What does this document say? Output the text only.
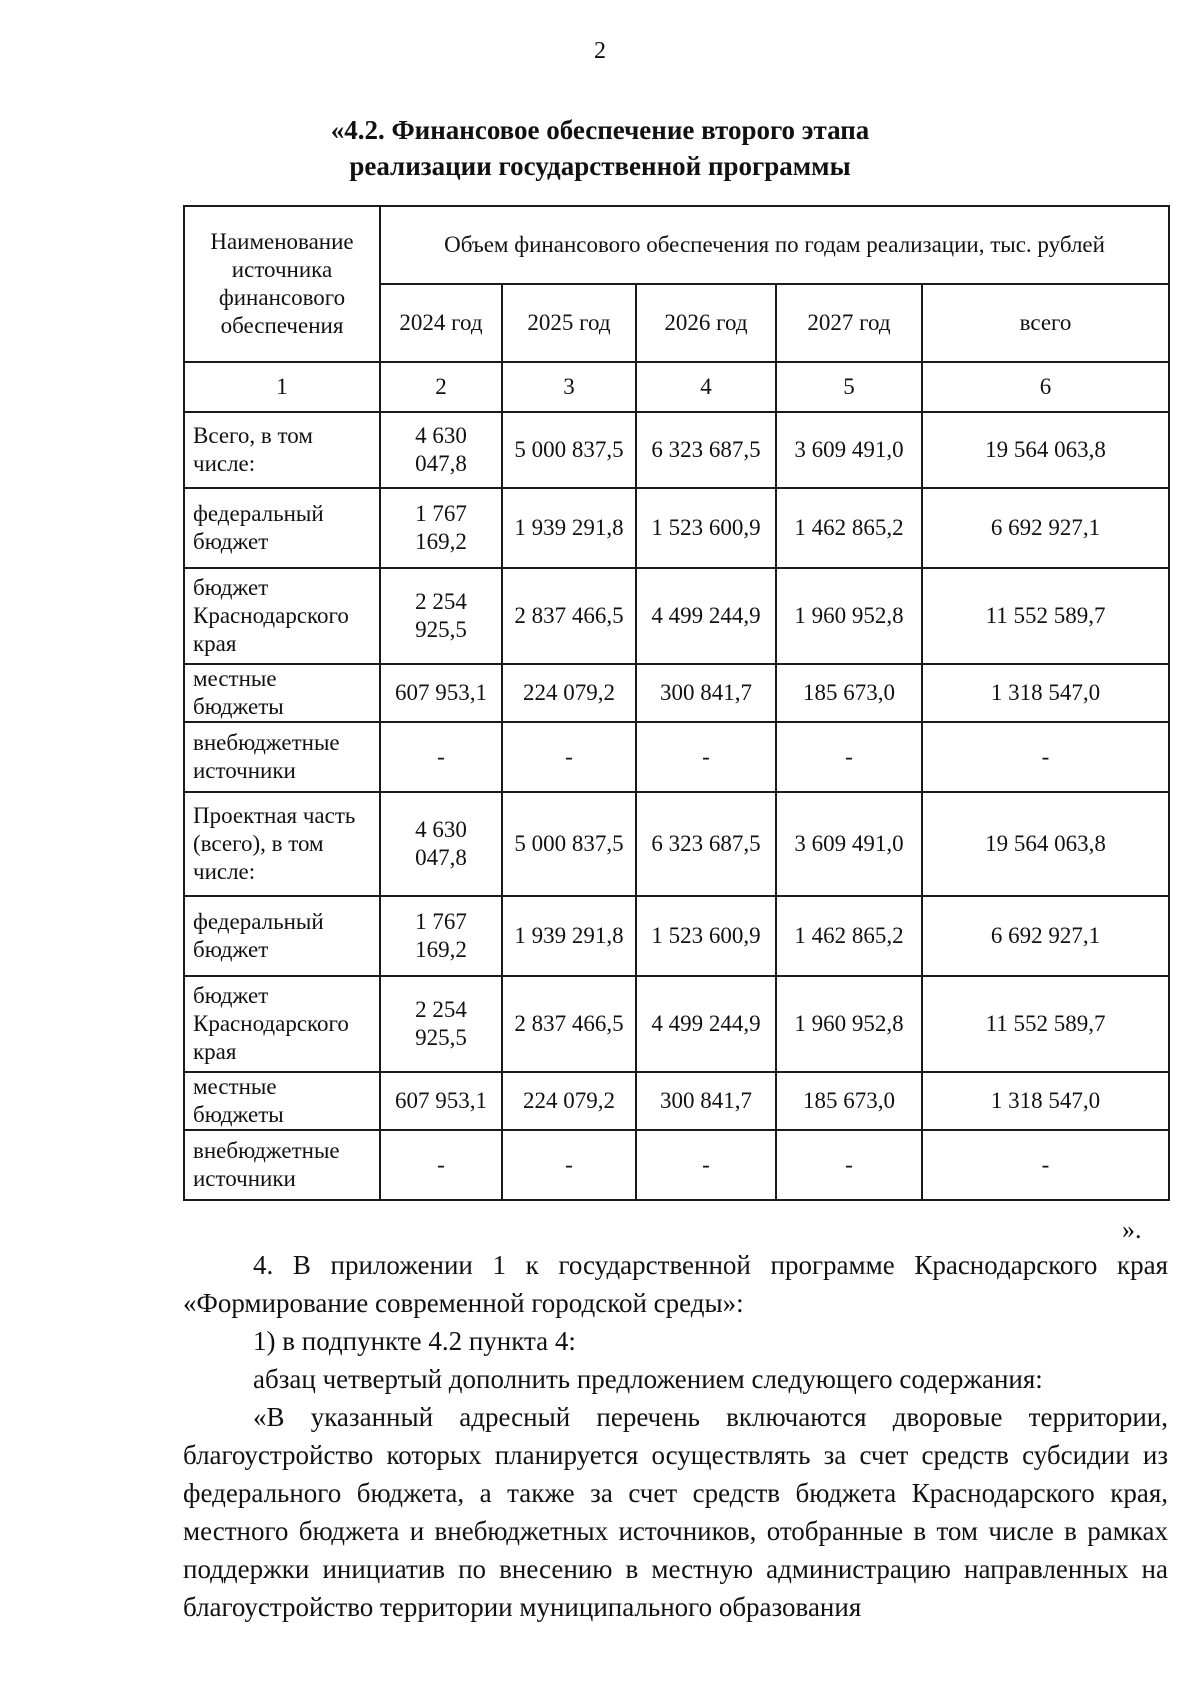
2
«4.2. Финансовое обеспечение второго этапа
реализации государственной программы
Наименование источника финансового обеспечения	Объем финансового обеспечения по годам реализации, тыс. рублей				
	2024 год	2025 год	2026 год	2027 год	всего
1	2	3	4	5	6
Всего, в том числе:	4 630 047,8	5 000 837,5	6 323 687,5	3 609 491,0	19 564 063,8
федеральный бюджет	1 767 169,2	1 939 291,8	1 523 600,9	1 462 865,2	6 692 927,1
бюджет Краснодарского края	2 254 925,5	2 837 466,5	4 499 244,9	1 960 952,8	11 552 589,7
местные бюджеты	607 953,1	224 079,2	300 841,7	185 673,0	1 318 547,0
внебюджетные источники	-	-	-	-	-
Проектная часть (всего), в том числе:	4 630 047,8	5 000 837,5	6 323 687,5	3 609 491,0	19 564 063,8
федеральный бюджет	1 767 169,2	1 939 291,8	1 523 600,9	1 462 865,2	6 692 927,1
бюджет Краснодарского края	2 254 925,5	2 837 466,5	4 499 244,9	1 960 952,8	11 552 589,7
местные бюджеты	607 953,1	224 079,2	300 841,7	185 673,0	1 318 547,0
внебюджетные источники	-	-	-	-	-
».

4. В приложении 1 к государственной программе Краснодарского края «Формирование современной городской среды»:

1) в подпункте 4.2 пункта 4:

абзац четвертый дополнить предложением следующего содержания:

«В указанный адресный перечень включаются дворовые территории, благоустройство которых планируется осуществлять за счет средств субсидии из федерального бюджета, а также за счет средств бюджета Краснодарского края, местного бюджета и внебюджетных источников, отобранные в том числе в рамках поддержки инициатив по внесению в местную администрацию направленных на благоустройство территории муниципального образования
